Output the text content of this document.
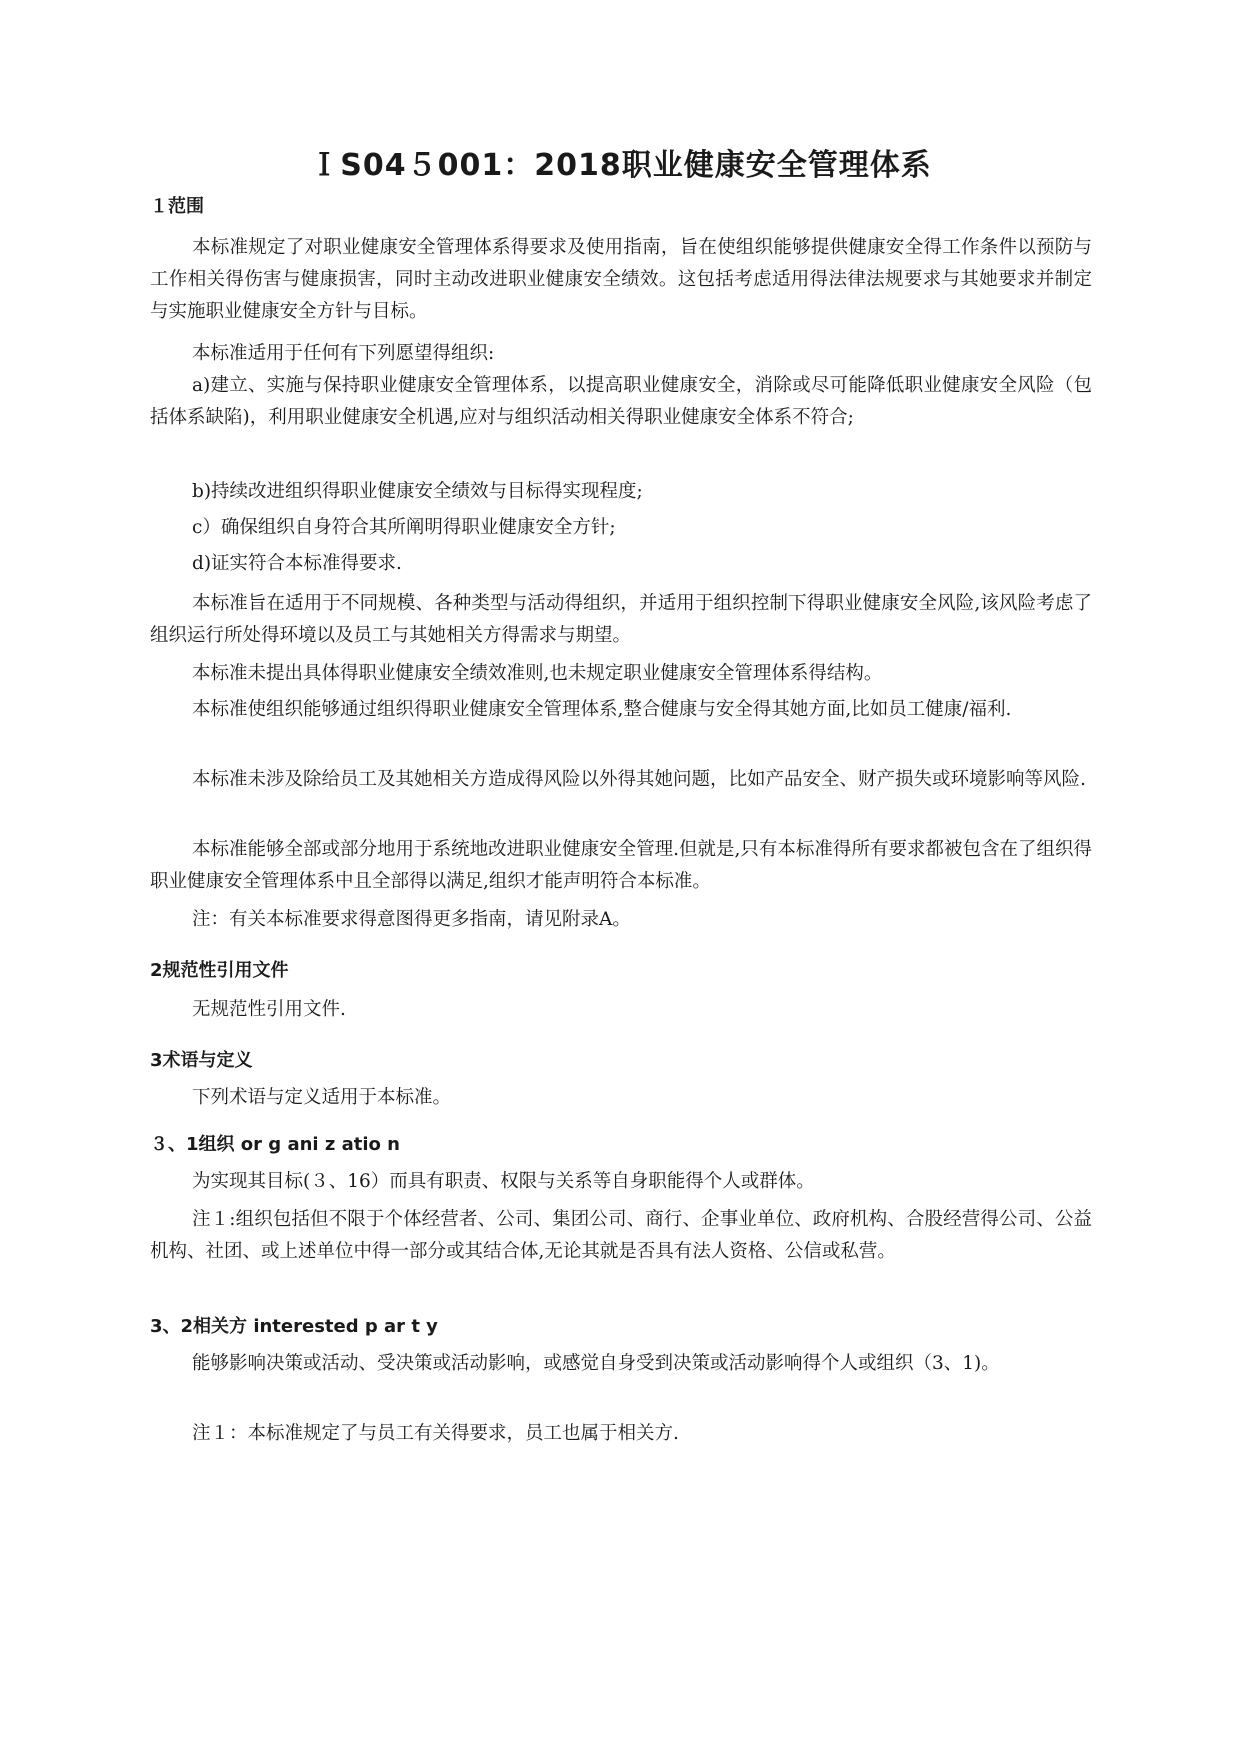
ＩS04５001：2018职业健康安全管理体系
１范围

本标准规定了对职业健康安全管理体系得要求及使用指南，旨在使组织能够提供健康安全得工作条件以预防与工作相关得伤害与健康损害，同时主动改进职业健康安全绩效。这包括考虑适用得法律法规要求与其她要求并制定与实施职业健康安全方针与目标。

本标准适用于任何有下列愿望得组织:

a)建立、实施与保持职业健康安全管理体系，以提高职业健康安全，消除或尽可能降低职业健康安全风险（包括体系缺陷)，利用职业健康安全机遇,应对与组织活动相关得职业健康安全体系不符合;

b)持续改进组织得职业健康安全绩效与目标得实现程度;

c）确保组织自身符合其所阐明得职业健康安全方针;

d)证实符合本标准得要求.

本标准旨在适用于不同规模、各种类型与活动得组织，并适用于组织控制下得职业健康安全风险,该风险考虑了组织运行所处得环境以及员工与其她相关方得需求与期望。

本标准未提出具体得职业健康安全绩效准则,也未规定职业健康安全管理体系得结构。

本标准使组织能够通过组织得职业健康安全管理体系,整合健康与安全得其她方面,比如员工健康/福利.

本标准未涉及除给员工及其她相关方造成得风险以外得其她问题，比如产品安全、财产损失或环境影响等风险.

本标准能够全部或部分地用于系统地改进职业健康安全管理.但就是,只有本标准得所有要求都被包含在了组织得职业健康安全管理体系中且全部得以满足,组织才能声明符合本标准。

注：有关本标准要求得意图得更多指南，请见附录A。

2规范性引用文件

无规范性引用文件.

3术语与定义

下列术语与定义适用于本标准。

３、1组织 or g ani z atio n

为实现其目标(３、16）而具有职责、权限与关系等自身职能得个人或群体。

注１:组织包括但不限于个体经营者、公司、集团公司、商行、企事业单位、政府机构、合股经营得公司、公益机构、社团、或上述单位中得一部分或其结合体,无论其就是否具有法人资格、公信或私营。

3、2相关方 interested p ar t y

能够影响决策或活动、受决策或活动影响，或感觉自身受到决策或活动影响得个人或组织（3、1)。

注１：本标准规定了与员工有关得要求，员工也属于相关方.
